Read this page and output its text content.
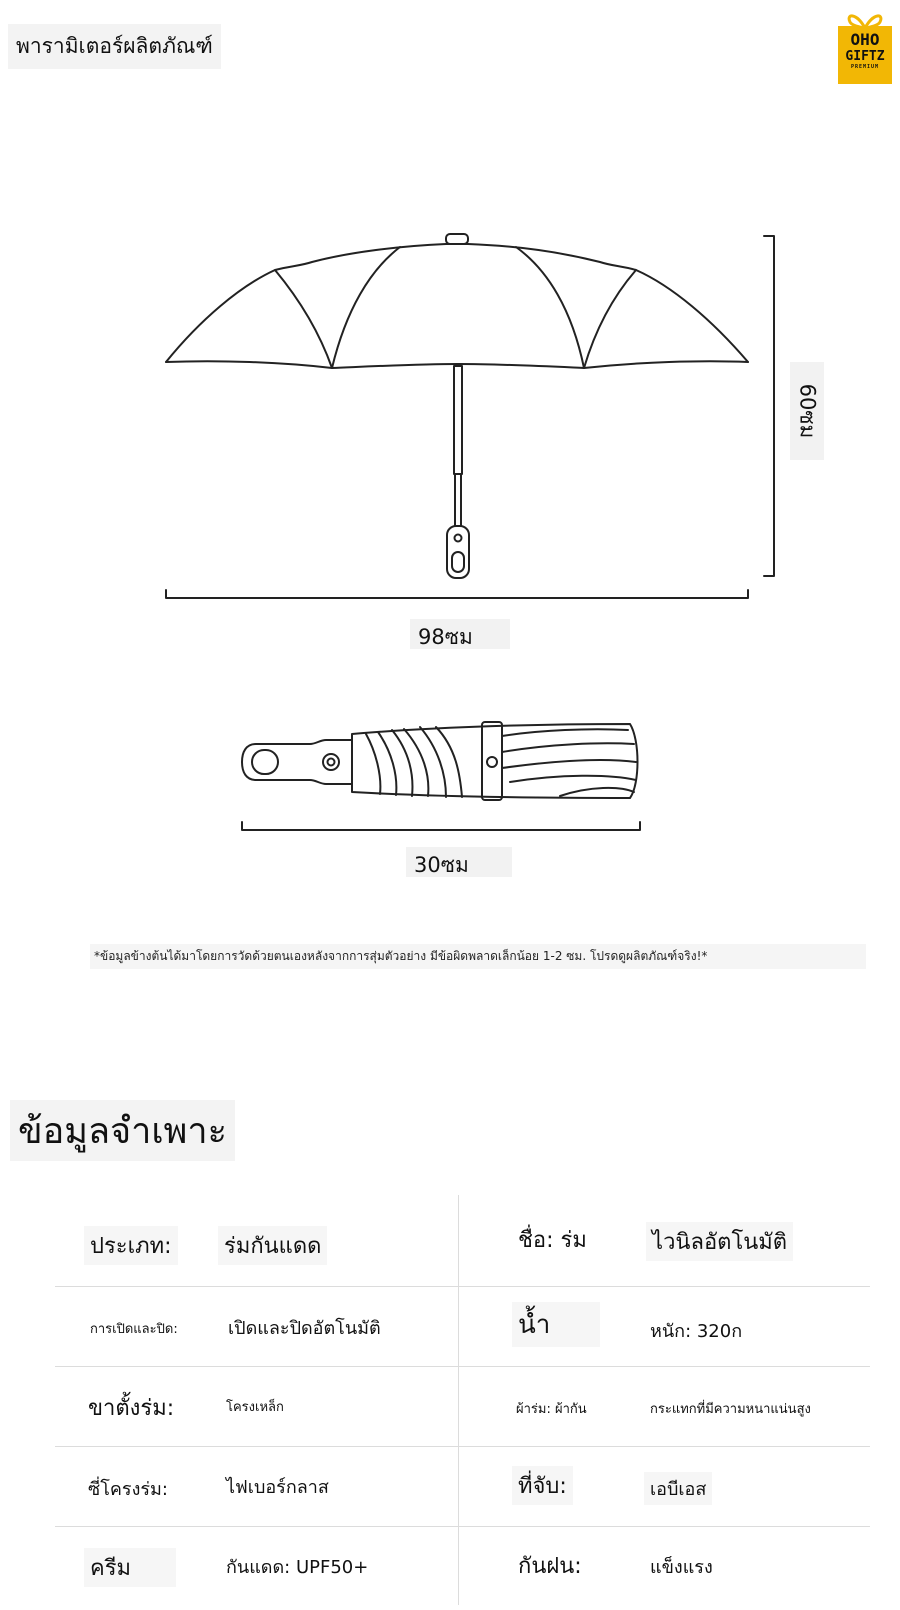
พารามิเตอร์ผลิตภัณฑ์	OHO
GIFTZ
PREMIUM
98ซม
60ซม
30ซม
*ข้อมูลข้างต้นได้มาโดยการวัดด้วยตนเองหลังจากการสุ่มตัวอย่าง มีข้อผิดพลาดเล็กน้อย 1-2 ซม. โปรดดูผลิตภัณฑ์จริง!*
ข้อมูลจำเพาะ
ประเภท: ร่มกันแดด	ชื่อ: ร่ม	ไวนิลอัตโนมัติ
การเปิดและปิด:	เปิดและปิดอัตโนมัติ	น้ำ	หนัก: 320ก
ขาตั้งร่ม:	โครงเหล็ก	ผ้าร่ม: ผ้ากัน	กระแทกที่มีความหนาแน่นสูง
ซี่โครงร่ม:	ไฟเบอร์กลาส	ที่จับ:	เอบีเอส
ครีม	กันแดด: UPF50+	กันฝน:	แข็งแรง
